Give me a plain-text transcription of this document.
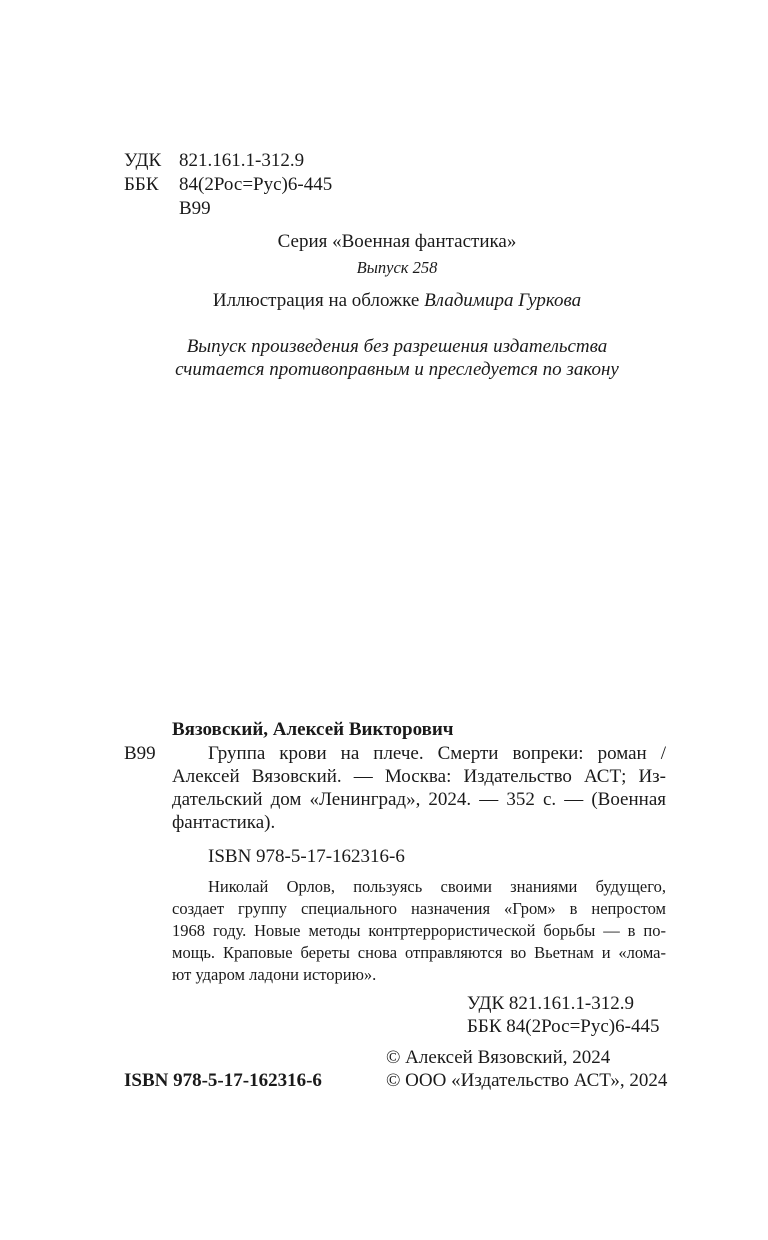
УДК 821.161.1-312.9
ББК 84(2Рос=Рус)6-445
В99
Серия «Военная фантастика»
Выпуск 258
Иллюстрация на обложке Владимира Гуркова
Выпуск произведения без разрешения издательства
считается противоправным и преследуется по закону
Вязовский, Алексей Викторович
В99	Группа крови на плече. Смерти вопреки: роман /
Алексей Вязовский. — Москва: Издательство АСТ; Из-
дательский дом «Ленинград», 2024. — 352 с. — (Военная
фантастика).
ISBN 978-5-17-162316-6
Николай Орлов, пользуясь своими знаниями будущего,
создает группу специального назначения «Гром» в непростом
1968 году. Новые методы контртеррористической борьбы — в по-
мощь. Краповые береты снова отправляются во Вьетнам и «лома-
ют ударом ладони историю».
УДК 821.161.1-312.9
ББК 84(2Рос=Рус)6-445
© Алексей Вязовский, 2024
© ООО «Издательство АСТ», 2024
ISBN 978-5-17-162316-6
